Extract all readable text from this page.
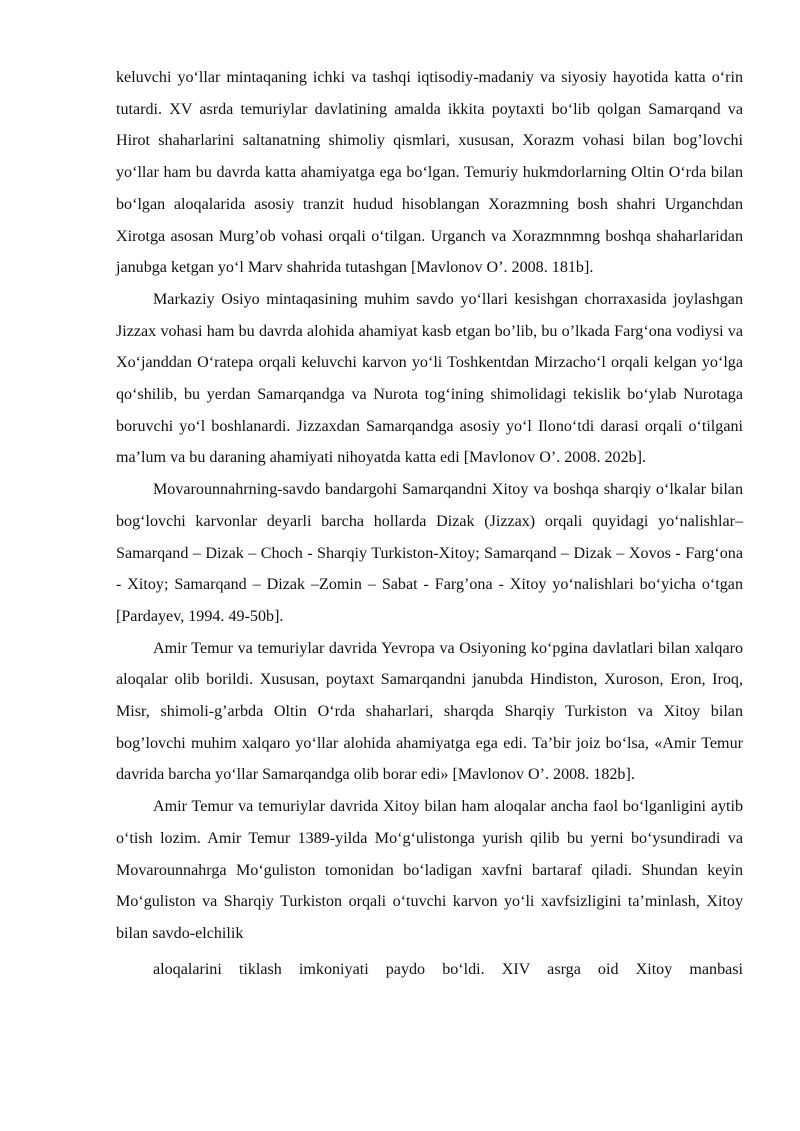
keluvchi yo‘llar mintaqaning ichki va tashqi iqtisodiy-madaniy va siyosiy hayotida katta o‘rin tutardi. XV asrda temuriylar davlatining amalda ikkita poytaxti bo‘lib qolgan Samarqand va Hirot shaharlarini saltanatning shimoliy qismlari, xususan, Xorazm vohasi bilan bog’lovchi yo‘llar ham bu davrda katta ahamiyatga ega bo‘lgan. Temuriy hukmdorlarning Oltin O‘rda bilan bo‘lgan aloqalarida asosiy tranzit hudud hisoblangan Xorazmning bosh shahri Urganchdan Xirotga asosan Murg’ob vohasi orqali o‘tilgan. Urganch va Xorazmnmng boshqa shaharlaridan janubga ketgan yo‘l Marv shahrida tutashgan [Mavlonov O’. 2008. 181b].

Markaziy Osiyo mintaqasining muhim savdo yo‘llari kesishgan chorraxasida joylashgan Jizzax vohasi ham bu davrda alohida ahamiyat kasb etgan bo’lib, bu o’lkada Farg‘ona vodiysi va Xo‘janddan O‘ratepa orqali keluvchi karvon yo‘li Toshkentdan Mirzacho‘l orqali kelgan yo‘lga qo‘shilib, bu yerdan Samarqandga va Nurota tog‘ining shimolidagi tekislik bo‘ylab Nurotaga boruvchi yo‘l boshlanardi. Jizzaxdan Samarqandga asosiy yo‘l Ilono‘tdi darasi orqali o‘tilgani ma’lum va bu daraning ahamiyati nihoyatda katta edi [Mavlonov O’. 2008. 202b].

Movarounnahrning-savdo bandargohi Samarqandni Xitoy va boshqa sharqiy o‘lkalar bilan bog‘lovchi karvonlar deyarli barcha hollarda Dizak (Jizzax) orqali quyidagi yo‘nalishlar–Samarqand – Dizak – Choch - Sharqiy Turkiston-Xitoy; Samarqand – Dizak – Xovos - Farg‘ona - Xitoy; Samarqand – Dizak –Zomin – Sabat - Farg’ona - Xitoy yo‘nalishlari bo‘yicha o‘tgan [Pardayev, 1994. 49-50b].

Amir Temur va temuriylar davrida Yevropa va Osiyoning ko‘pgina davlatlari bilan xalqaro aloqalar olib borildi. Xususan, poytaxt Samarqandni janubda Hindiston, Xuroson, Eron, Iroq, Misr, shimoli-g’arbda Oltin O‘rda shaharlari, sharqda Sharqiy Turkiston va Xitoy bilan bog’lovchi muhim xalqaro yo‘llar alohida ahamiyatga ega edi. Ta’bir joiz bo‘lsa, «Amir Temur davrida barcha yo‘llar Samarqandga olib borar edi» [Mavlonov O’. 2008. 182b].

Amir Temur va temuriylar davrida Xitoy bilan ham aloqalar ancha faol bo‘lganligini aytib o‘tish lozim. Amir Temur 1389-yilda Mo‘g‘ulistonga yurish qilib bu yerni bo‘ysundiradi va Movarounnahrga Mo‘guliston tomonidan bo‘ladigan xavfni bartaraf qiladi. Shundan keyin Mo‘guliston va Sharqiy Turkiston orqali o‘tuvchi karvon yo‘li xavfsizligini ta’minlash, Xitoy bilan savdo-elchilik

aloqalarini tiklash imkoniyati paydo bo‘ldi. XIV asrga oid Xitoy manbasi
